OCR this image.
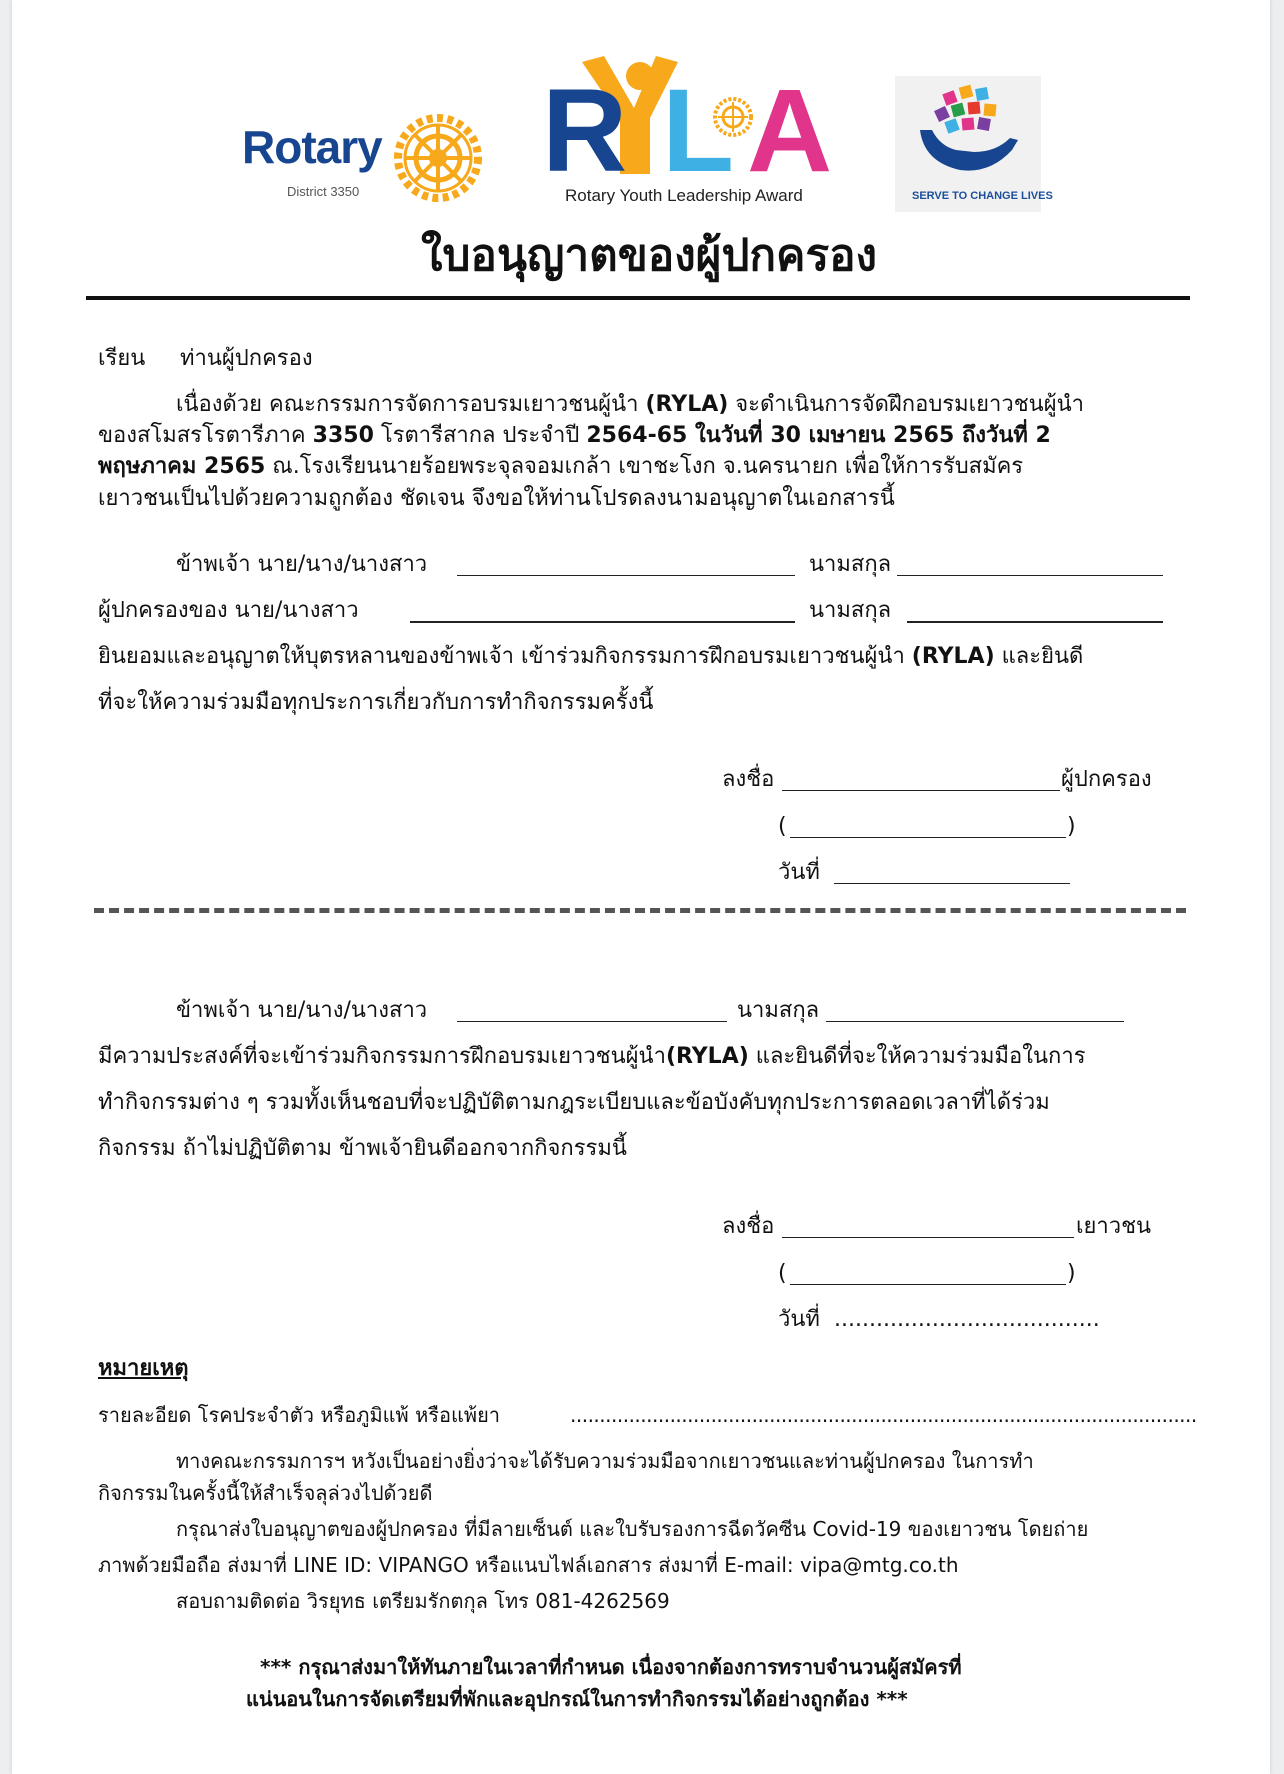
Rotary
District 3350 R L A
Rotary Youth Leadership Award	SERVE TO CHANGE LIVES
ใบอนุญาตของผู้ปกครอง
เรียน ท่านผู้ปกครอง
เนื่องด้วย คณะกรรมการจัดการอบรมเยาวชนผู้นำ (RYLA) จะดำเนินการจัดฝึกอบรมเยาวชนผู้นำ
ของสโมสรโรตารีภาค 3350 โรตารีสากล ประจำปี 2564-65 ในวันที่ 30 เมษายน 2565 ถึงวันที่ 2
พฤษภาคม 2565 ณ.โรงเรียนนายร้อยพระจุลจอมเกล้า เขาชะโงก จ.นครนายก เพื่อให้การรับสมัคร
เยาวชนเป็นไปด้วยความถูกต้อง ชัดเจน จึงขอให้ท่านโปรดลงนามอนุญาตในเอกสารนี้
ข้าพเจ้า นาย/นาง/นางสาว	นามสกุล
ผู้ปกครองของ นาย/นางสาว	นามสกุล
ยินยอมและอนุญาตให้บุตรหลานของข้าพเจ้า เข้าร่วมกิจกรรมการฝึกอบรมเยาวชนผู้นำ (RYLA) และยินดี
ที่จะให้ความร่วมมือทุกประการเกี่ยวกับการทำกิจกรรมครั้งนี้
ลงชื่อ	ผู้ปกครอง
(	)
วันที่
ข้าพเจ้า นาย/นาง/นางสาว	นามสกุล
มีความประสงค์ที่จะเข้าร่วมกิจกรรมการฝึกอบรมเยาวชนผู้นำ(RYLA) และยินดีที่จะให้ความร่วมมือในการ
ทำกิจกรรมต่าง ๆ รวมทั้งเห็นชอบที่จะปฏิบัติตามกฎระเบียบและข้อบังคับทุกประการตลอดเวลาที่ได้ร่วม
กิจกรรม ถ้าไม่ปฏิบัติตาม ข้าพเจ้ายินดีออกจากกิจกรรมนี้
ลงชื่อ	เยาวชน
(	)
วันที่ ......................................
หมายเหตุ
รายละอียด โรคประจำตัว หรือภูมิแพ้ หรือแพ้ยา	...........................................................................................................
ทางคณะกรรมการฯ หวังเป็นอย่างยิ่งว่าจะได้รับความร่วมมือจากเยาวชนและท่านผู้ปกครอง ในการทำ
กิจกรรมในครั้งนี้ให้สำเร็จลุล่วงไปด้วยดี
กรุณาส่งใบอนุญาตของผู้ปกครอง ที่มีลายเซ็นต์ และใบรับรองการฉีดวัคซีน Covid-19 ของเยาวชน โดยถ่าย
ภาพด้วยมือถือ ส่งมาที่ LINE ID: VIPANGO หรือแนบไฟล์เอกสาร ส่งมาที่ E-mail: vipa@mtg.co.th
สอบถามติดต่อ วิรยุทธ เตรียมรักตกุล โทร 081-4262569
*** กรุณาส่งมาให้ทันภายในเวลาที่กำหนด เนื่องจากต้องการทราบจำนวนผู้สมัครที่
แน่นอนในการจัดเตรียมที่พักและอุปกรณ์ในการทำกิจกรรมได้อย่างถูกต้อง ***
